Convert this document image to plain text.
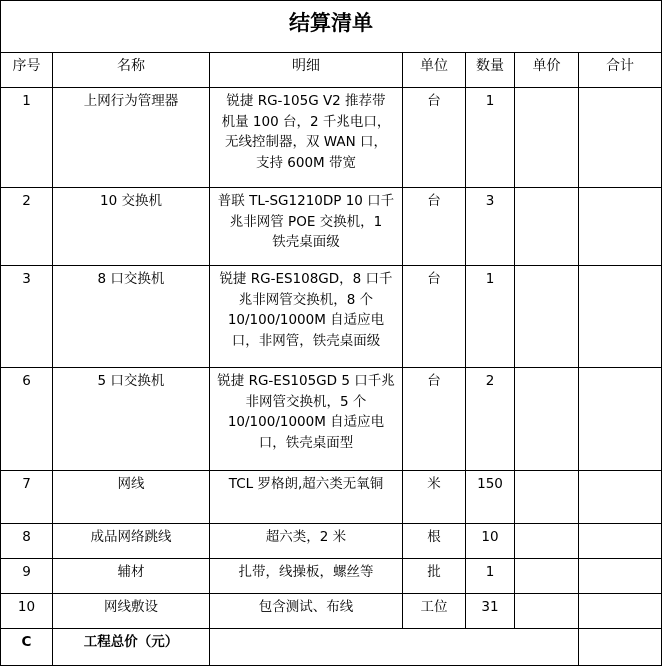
结算清单
序号	名称	明细	单位	数量	单价	合计
1	上网行为管理器	锐捷 RG-105G V2 推荐带
机量 100 台，2 千兆电口，
无线控制器，双 WAN 口，
支持 600M 带宽	台	1		
2	10 交换机	普联 TL-SG1210DP 10 口千
兆非网管 POE 交换机，1
铁壳桌面级	台	3		
3	8 口交换机	锐捷 RG-ES108GD，8 口千
兆非网管交换机，8 个
10/100/1000M 自适应电
口，非网管，铁壳桌面级	台	1		
6	5 口交换机	锐捷 RG-ES105GD 5 口千兆
非网管交换机，5 个
10/100/1000M 自适应电
口，铁壳桌面型	台	2		
7	网线	TCL 罗格朗,超六类无氧铜	米	150		
8	成品网络跳线	超六类，2 米	根	10		
9	辅材	扎带，线操板，螺丝等	批	1		
10	网线敷设	包含测试、布线	工位	31		
C	工程总价（元）					
